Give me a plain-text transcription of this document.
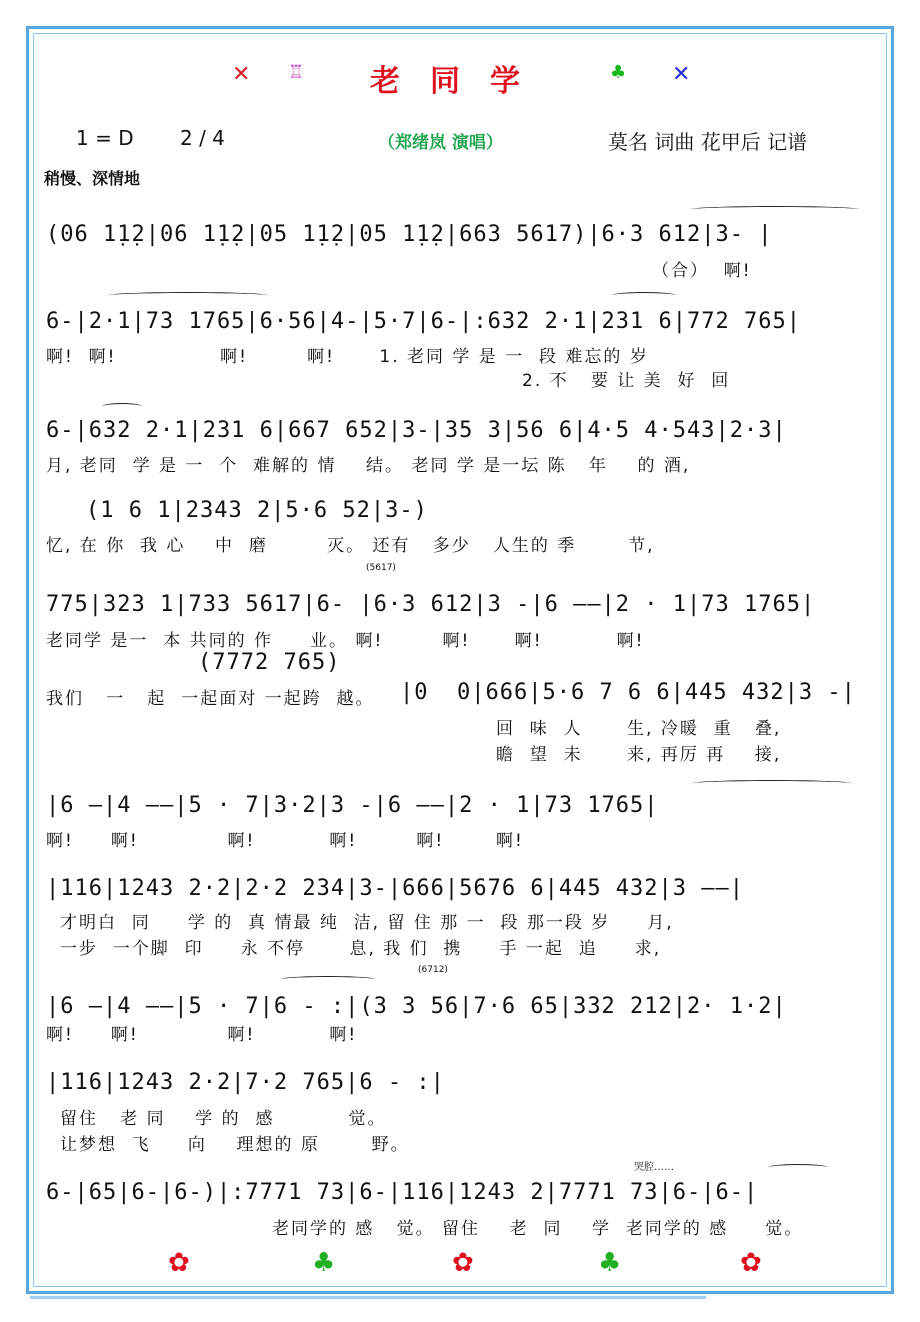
✕ ♖	老同学	♣ ✕
1 = D 2 / 4	（郑绪岚 演唱）	莫名 词曲 花甲后 记谱
稍慢、深情地
(06 1̣1̣2|06 1̣1̣2|05 1̣1̣2|05 1̣1̣2|663 5617)|6·3 612|3- |
（合）  啊!
6-|2·1|73 1765|6·56|4-|5·7|6-|:632 2·1|231 6|772 765|
啊!  啊!              啊!        啊!      1. 老同 学 是 一  段 难忘的 岁
2. 不   要 让 美  好  回
6-|632 2·1|231 6|667 652|3-|35 3|56 6|4·5 4·543|2·3|
月, 老同  学 是 一  个  难解的 情    结。 老同 学 是一坛 陈   年    的 酒,
(1 6 1|2343 2|5·6 52|3-)
忆, 在 你  我 心    中  磨        灭。 还有   多少   人生的 季       节,
(5617)
775|323 1|733 5617|6- |6·3 612|3 -|6 ——|2 · 1|73 1765|
老同学 是一  本 共同的 作     业。 啊!        啊!      啊!          啊!
(7772 765)
我们   一   起  一起面对 一起跨  越。 |0  0|666|5·6 7 6 6|445 432|3 -|
回  味  人      生, 冷暖  重   叠,
瞻  望  未      来, 再厉 再    接,
|6 —|4 ——|5 · 7|3·2|3 -|6 ——|2 · 1|73 1765|
啊!     啊!            啊!          啊!        啊!       啊!
|116|1243 2·2|2·2 234|3-|666|5676 6|445 432|3 ——|
才明白  同     学 的  真 情最 纯  洁, 留 住 那 一  段 那一段 岁     月,
一步  一个脚  印     永 不停      息, 我 们  携     手 一起  追     求,
(6712)
|6 —|4 ——|5 · 7|6 - :|(3 3 56|7·6 65|332 212|2· 1·2|
啊!     啊!            啊!          啊!
|116|1243 2·2|7·2 765|6 - :|
留住   老 同    学 的  感          觉。
让梦想  飞     向    理想的 原       野。
哭腔……
6-|65|6-|6-)|:7771 73|6-|116|1243 2|7771 73|6-|6-|
老同学的 感   觉。 留住    老  同    学  老同学的 感     觉。
✿	♣	✿	♣	✿
